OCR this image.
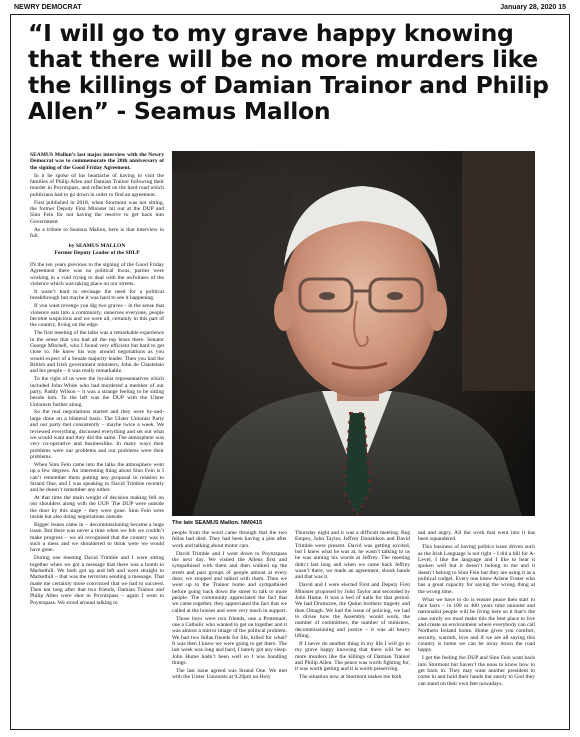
NEWRY DEMOCRAT	January 28, 2020 15
“I will go to my grave happy knowing that there will be no more murders like the killings of Damian Trainor and Philip Allen” - Seamus Mallon

SEAMUS Mallon’s last major interview with the Newry Democrat was to commemorate the 20th anniversary of the signing of the Good Friday Agreement.

In it he spoke of his heartache of having to visit the families of Philip Allen and Damian Trainor following their murder in Poyntzpass, and reflected on the hard road which politicians had to go down in order to find an agreement.

First published in 2018, when Stormont was not sitting, the former Deputy First Minister hit out at the DUP and Sinn Fein for not having the resolve to get back into Government.

As a tribute to Seamus Mallon, here is that interview in full.

by SEAMUS MALLON
Former Deputy Leader of the SDLP

IN the ten years previous to the signing of the Good Friday Agreement there was no political focus, parties were working in a void trying to deal with the awfulness of the violence which was taking place on our streets.

It wasn’t hard to envisage the need for a political breakthrough but maybe it was hard to see it happening.

If you want revenge you dig two graves – in the sense that violence eats into a community, unnerves everyone, people become suspicious and we were all, certainly in this part of the country, living on the edge.

The first meeting of the talks was a remarkable experience in the sense that you had all the top brass there. Senator George Mitchell, who I found very efficient but hard to get close to. He knew his way around negotiations as you would expect of a Senate majority leader. Then you had the British and Irish government ministers, John de Chastelain and his people – it was really remarkable.

To the right of us were the loyalist representatives which included John White who had murdered a member of our party, Paddy Wilson – it was a strange feeling to be sitting beside him. To the left was the DUP with the Ulster Unionists further along.

So the real negotiations started and they were by-and-large done on a bilateral basis. The Ulster Unionist Party and our party met consistently – maybe twice a week. We reviewed everything, discussed everything and set out what we would want and they did the same. The atmosphere was very co-operative and businesslike. In many ways their problems were our problems and our problems were their problems.

When Sinn Fein came into the talks the atmosphere went up a few degrees. An interesting thing about Sinn Fein is I can’t remember them putting any proposal in relation to Strand One, and I was speaking to David Trimble recently and he doesn’t remember any either.

At that time the main weight of decision making fell on our shoulders along with the UUP. The DUP were outside the door by this stage – they were gone. Sinn Fein were inside but also doing negotiations outside.

Bigger issues came in – decommissioning became a huge issue. But there was never a time when we felt we couldn’t make progress – we all recognised that the country was in such a mess and we shouldered to think were we would have gone.

During one meeting David Trimble and I were sitting together when we got a message that there was a bomb in Markethill. We both got up and left and went straight to Markethill – that was the terrorists sending a message. That made me certainly more convinced that we had to succeed. Then not long after that two friends, Damian Trainor and Philip Allen were shot in Poyntzpass – again I went to Poyntzpass. We stood around talking to

The late SEAMUS Mallon. NM0415

people from the word came through that the two fellas had died. They had been having a pint after work and talking about motor cars.

David Trimble and I went down to Poyntzpass the next day. We visited the Allens first and sympathised with them and then walked up the street and past groups of people almost at every door, we stopped and talked with them. Then we went up to the Trainor home and sympathised before going back down the street to talk to more people. The community appreciated the fact that we came together, they appreciated the fact that we called at the houses and were very much in support.

Those boys were two friends, one a Protestant, one a Catholic who wanted to get on together and it was almost a mirror image of the political problem. We had two fellas friends for life, killed for what? It was then I knew we were going to get there. The last week was long and hard, I barely got any sleep. John Hume hadn’t been well so I was handling things.

The last issue agreed was Strand One. We met with the Ulster Unionists at 9.20pm on Holy

Thursday night and it was a difficult meeting. Reg Empey, John Taylor, Jeffrey Donaldson and David Trimble were present. David was getting excited, but I knew what he was at, he wasn’t talking to us he was aiming his words at Jeffrey. The meeting didn’t last long and when we came back Jeffrey wasn’t there, we made an agreement, shook hands and that was it.

David and I were elected First and Deputy First Minister proposed by John Taylor and seconded by John Hume. It was a bed of nails for that period. We had Drumcree, the Quinn brothers tragedy and then Omagh. We had the issue of policing, we had to divise how the Assembly would work, the number of committees, the number of ministers, decommissioning and justice – it was all heavy lifting.

If I never do another thing in my life I will go to my grave happy knowing that there will be no more murders like the killings of Damian Trainor and Philip Allen. The peace was worth fighting for, it was worth getting and it is worth preserving.

The situation now at Stormont makes me both

sad and angry. All the work that went into it has been squandered.

This business of having politics issue driven such as the Irish Language is not right – I did a bill for A-Level, I like the language and I like to hear it spoken well but it doesn’t belong to me and it doesn’t belong to Sinn Fein but they are using it as a political cudgel. Every one knew Arlene Foster who has a great capacity for saying the wrong thing at the wrong time.

What we have to do is ensure peace then start to face facts – in 100 or 400 years time unionist and nationalist people will be living here so it that’s the case surely we must make this the best place to live and create an environment where everybody can call Northern Ireland home. Home gives you comfort, security, warmth, love and if we are all saying this country is home we can be away down the road happy.

I get the feeling the DUP and Sinn Fein want back into Stormont but haven’t the nous to know how to get back in. They may want another president to come in and hold their hands but surely to God they can stand on their own feet nowadays.
